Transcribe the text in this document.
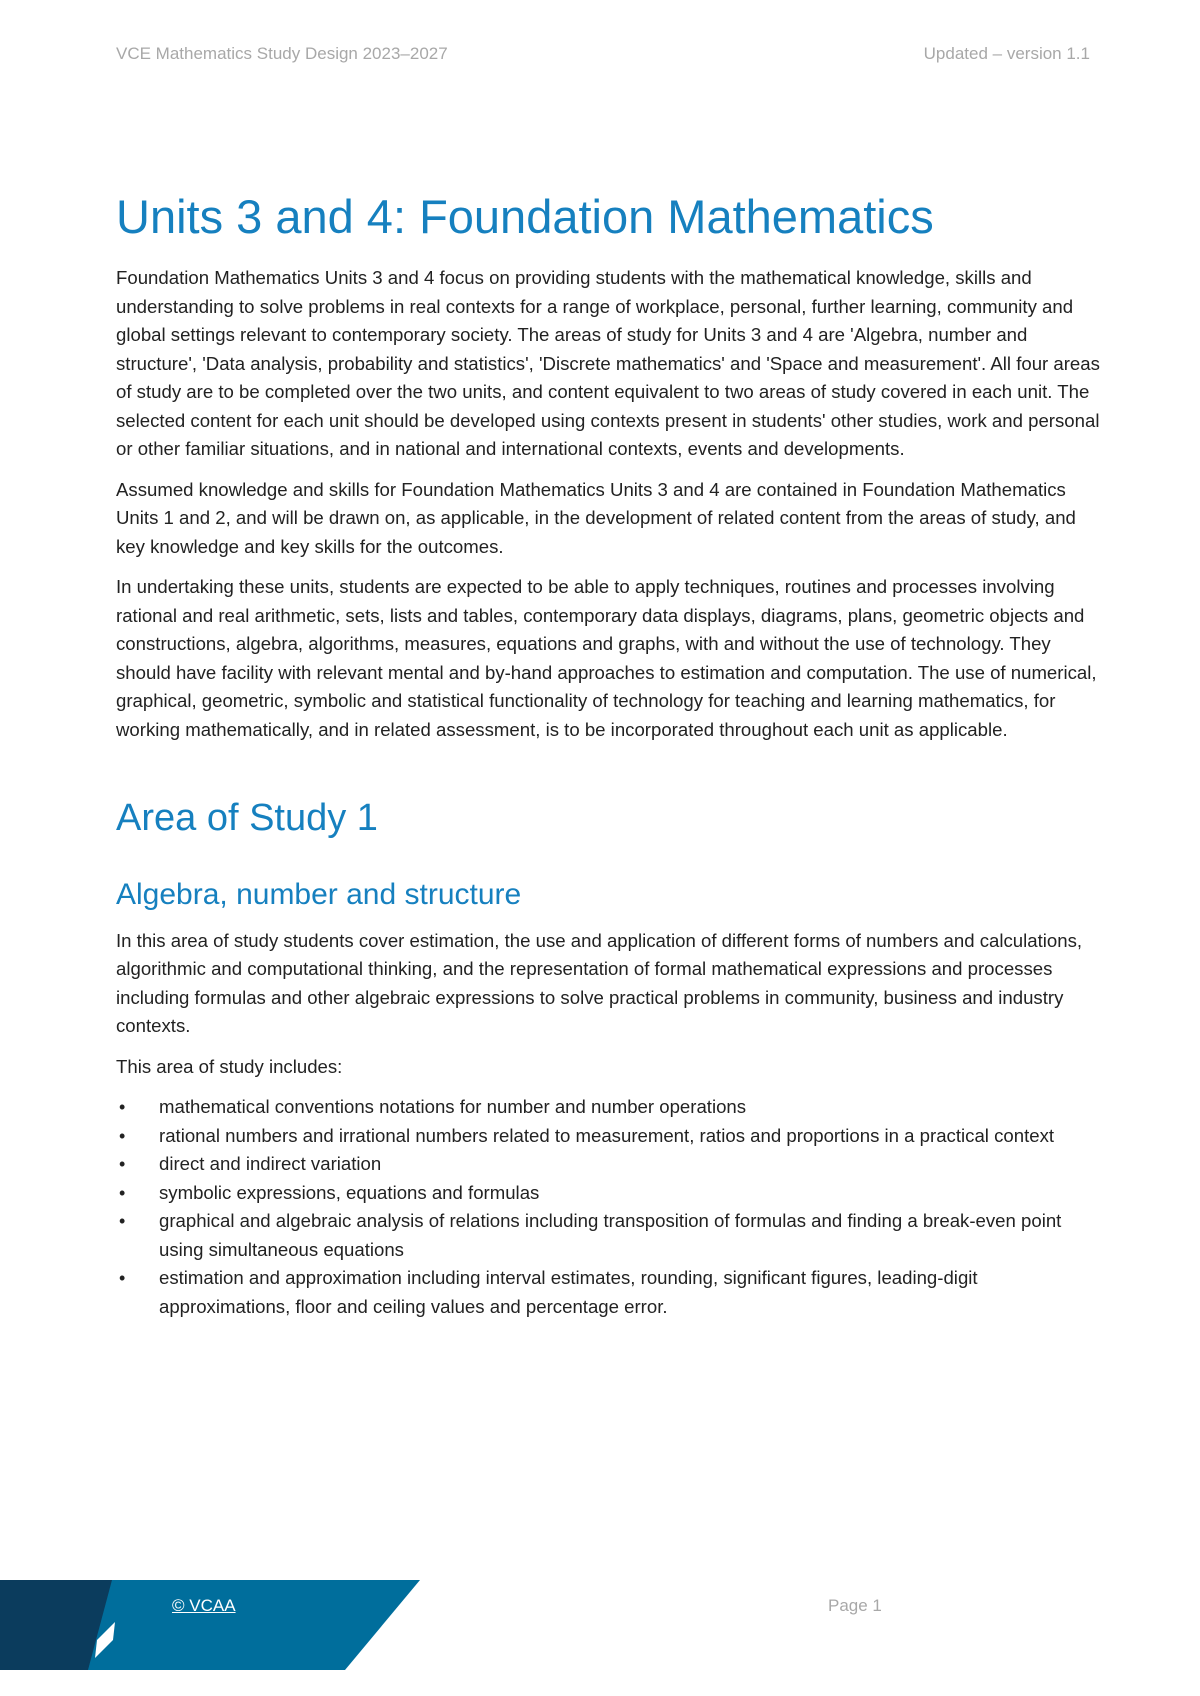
VCE Mathematics Study Design 2023–2027	Updated – version 1.1
Units 3 and 4: Foundation Mathematics

Foundation Mathematics Units 3 and 4 focus on providing students with the mathematical knowledge, skills and understanding to solve problems in real contexts for a range of workplace, personal, further learning, community and global settings relevant to contemporary society. The areas of study for Units 3 and 4 are 'Algebra, number and structure', 'Data analysis, probability and statistics', 'Discrete mathematics' and 'Space and measurement'. All four areas of study are to be completed over the two units, and content equivalent to two areas of study covered in each unit. The selected content for each unit should be developed using contexts present in students' other studies, work and personal or other familiar situations, and in national and international contexts, events and developments.

Assumed knowledge and skills for Foundation Mathematics Units 3 and 4 are contained in Foundation Mathematics Units 1 and 2, and will be drawn on, as applicable, in the development of related content from the areas of study, and key knowledge and key skills for the outcomes.

In undertaking these units, students are expected to be able to apply techniques, routines and processes involving rational and real arithmetic, sets, lists and tables, contemporary data displays, diagrams, plans, geometric objects and constructions, algebra, algorithms, measures, equations and graphs, with and without the use of technology. They should have facility with relevant mental and by-hand approaches to estimation and computation. The use of numerical, graphical, geometric, symbolic and statistical functionality of technology for teaching and learning mathematics, for working mathematically, and in related assessment, is to be incorporated throughout each unit as applicable.

Area of Study 1
Algebra, number and structure

In this area of study students cover estimation, the use and application of different forms of numbers and calculations, algorithmic and computational thinking, and the representation of formal mathematical expressions and processes including formulas and other algebraic expressions to solve practical problems in community, business and industry contexts.

This area of study includes:

• mathematical conventions notations for number and number operations
• rational numbers and irrational numbers related to measurement, ratios and proportions in a practical context
• direct and indirect variation
• symbolic expressions, equations and formulas
• graphical and algebraic analysis of relations including transposition of formulas and finding a break-even point using simultaneous equations
• estimation and approximation including interval estimates, rounding, significant figures, leading-digit approximations, floor and ceiling values and percentage error.
© VCAA	Page 1
